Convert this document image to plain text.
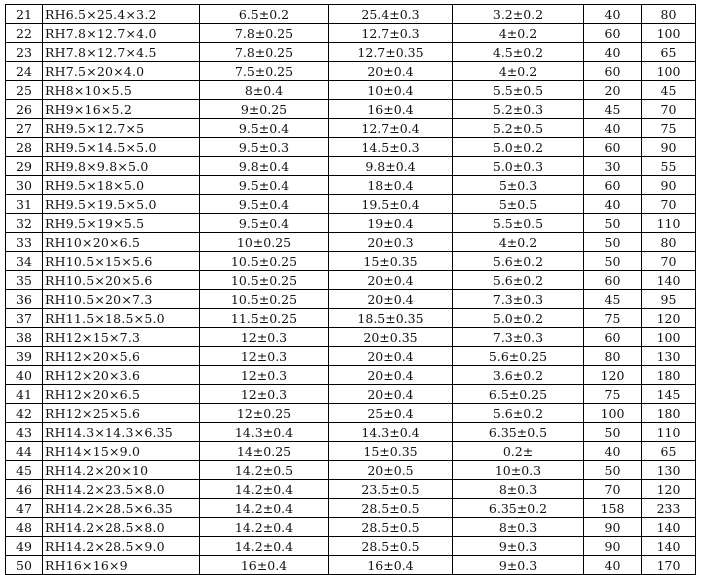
21	RH6.5×25.4×3.2	6.5±0.2	25.4±0.3	3.2±0.2	40	80
22	RH7.8×12.7×4.0	7.8±0.25	12.7±0.3	4±0.2	60	100
23	RH7.8×12.7×4.5	7.8±0.25	12.7±0.35	4.5±0.2	40	65
24	RH7.5×20×4.0	7.5±0.25	20±0.4	4±0.2	60	100
25	RH8×10×5.5	8±0.4	10±0.4	5.5±0.5	20	45
26	RH9×16×5.2	9±0.25	16±0.4	5.2±0.3	45	70
27	RH9.5×12.7×5	9.5±0.4	12.7±0.4	5.2±0.5	40	75
28	RH9.5×14.5×5.0	9.5±0.3	14.5±0.3	5.0±0.2	60	90
29	RH9.8×9.8×5.0	9.8±0.4	9.8±0.4	5.0±0.3	30	55
30	RH9.5×18×5.0	9.5±0.4	18±0.4	5±0.3	60	90
31	RH9.5×19.5×5.0	9.5±0.4	19.5±0.4	5±0.5	40	70
32	RH9.5×19×5.5	9.5±0.4	19±0.4	5.5±0.5	50	110
33	RH10×20×6.5	10±0.25	20±0.3	4±0.2	50	80
34	RH10.5×15×5.6	10.5±0.25	15±0.35	5.6±0.2	50	70
35	RH10.5×20×5.6	10.5±0.25	20±0.4	5.6±0.2	60	140
36	RH10.5×20×7.3	10.5±0.25	20±0.4	7.3±0.3	45	95
37	RH11.5×18.5×5.0	11.5±0.25	18.5±0.35	5.0±0.2	75	120
38	RH12×15×7.3	12±0.3	20±0.35	7.3±0.3	60	100
39	RH12×20×5.6	12±0.3	20±0.4	5.6±0.25	80	130
40	RH12×20×3.6	12±0.3	20±0.4	3.6±0.2	120	180
41	RH12×20×6.5	12±0.3	20±0.4	6.5±0.25	75	145
42	RH12×25×5.6	12±0.25	25±0.4	5.6±0.2	100	180
43	RH14.3×14.3×6.35	14.3±0.4	14.3±0.4	6.35±0.5	50	110
44	RH14×15×9.0	14±0.25	15±0.35	0.2±	40	65
45	RH14.2×20×10	14.2±0.5	20±0.5	10±0.3	50	130
46	RH14.2×23.5×8.0	14.2±0.4	23.5±0.5	8±0.3	70	120
47	RH14.2×28.5×6.35	14.2±0.4	28.5±0.5	6.35±0.2	158	233
48	RH14.2×28.5×8.0	14.2±0.4	28.5±0.5	8±0.3	90	140
49	RH14.2×28.5×9.0	14.2±0.4	28.5±0.5	9±0.3	90	140
50	RH16×16×9	16±0.4	16±0.4	9±0.3	40	170
